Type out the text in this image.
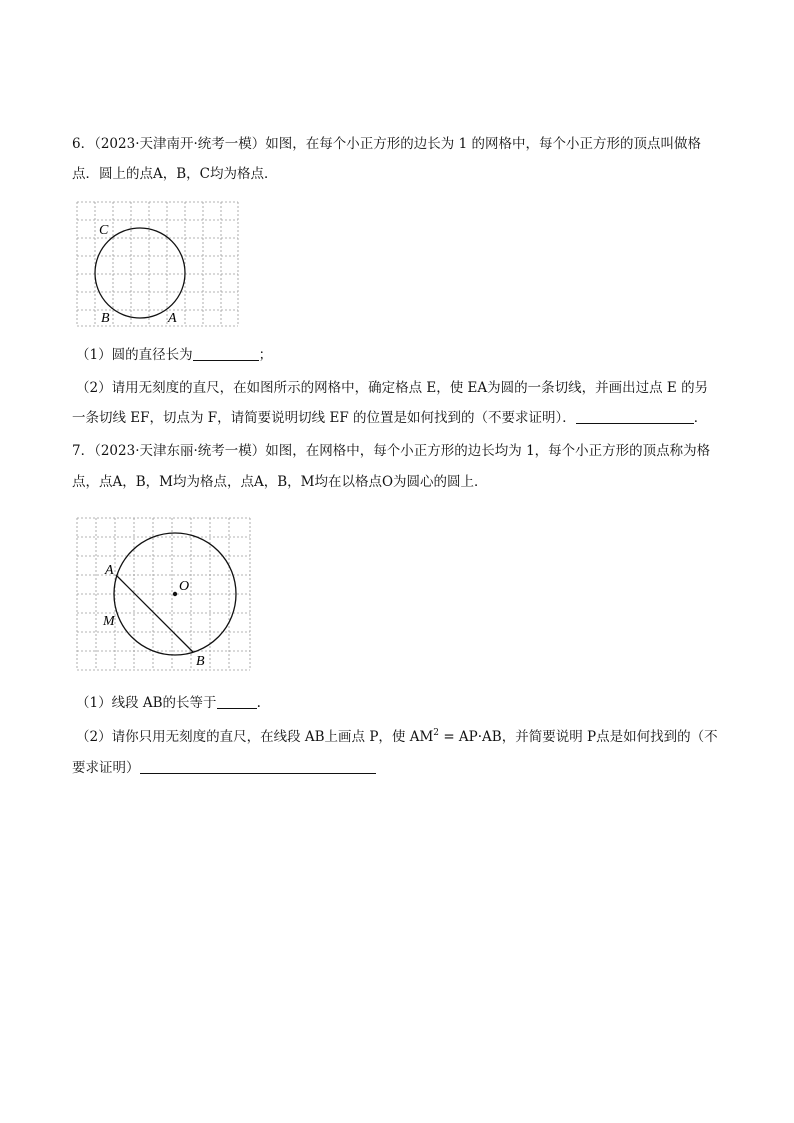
6．（2023·天津南开·统考一模）如图，在每个小正方形的边长为 1 的网格中，每个小正方形的顶点叫做格
点．圆上的点A，B，C均为格点．
C
B	A
（1）圆的直径长为	；
（2）请用无刻度的直尺，在如图所示的网格中，确定格点 E，使 EA为圆的一条切线，并画出过点 E 的另
一条切线 EF，切点为 F，请简要说明切线 EF 的位置是如何找到的（不要求证明）．	．
7．（2023·天津东丽·统考一模）如图，在网格中，每个小正方形的边长均为 1，每个小正方形的顶点称为格
点，点A，B，M均为格点，点A，B，M均在以格点O为圆心的圆上．
A
O
M
B
（1）线段 AB的长等于	.
（2）请你只用无刻度的直尺，在线段 AB上画点 P，使 $AM^2 = AP\cdot AB$，并简要说明 P点是如何找到的（不
要求证明）
